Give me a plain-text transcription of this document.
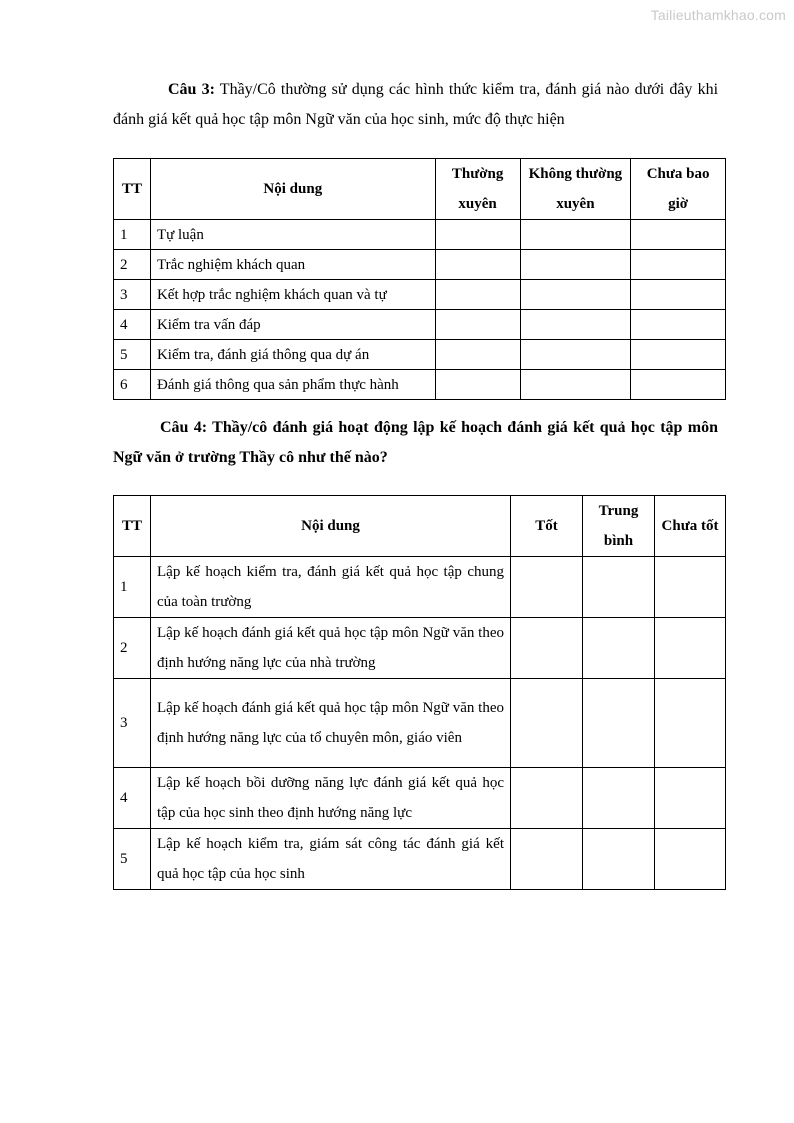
Tailieuthamkhao.com

Câu 3: Thầy/Cô thường sử dụng các hình thức kiểm tra, đánh giá nào dưới đây khi đánh giá kết quả học tập môn Ngữ văn của học sinh, mức độ thực hiện

TT	Nội dung	Thường xuyên	Không thường xuyên	Chưa bao giờ
1	Tự luận			
2	Trắc nghiệm khách quan			
3	Kết hợp trắc nghiệm khách quan và tự			
4	Kiểm tra vấn đáp			
5	Kiểm tra, đánh giá thông qua dự án			
6	Đánh giá thông qua sản phẩm thực hành			

Câu 4: Thầy/cô đánh giá hoạt động lập kế hoạch đánh giá kết quả học tập môn Ngữ văn ở trường Thầy cô như thế nào?

TT	Nội dung	Tốt	Trung bình	Chưa tốt
1	Lập kế hoạch kiểm tra, đánh giá kết quả học tập chung của toàn trường			
2	Lập kế hoạch đánh giá kết quả học tập môn Ngữ văn theo định hướng năng lực của nhà trường			
3	Lập kế hoạch đánh giá kết quả học tập môn Ngữ văn theo định hướng năng lực của tổ chuyên môn, giáo viên			
4	Lập kế hoạch bồi dưỡng năng lực đánh giá kết quả học tập của học sinh theo định hướng năng lực			
5	Lập kế hoạch kiểm tra, giám sát công tác đánh giá kết quả học tập của học sinh			
